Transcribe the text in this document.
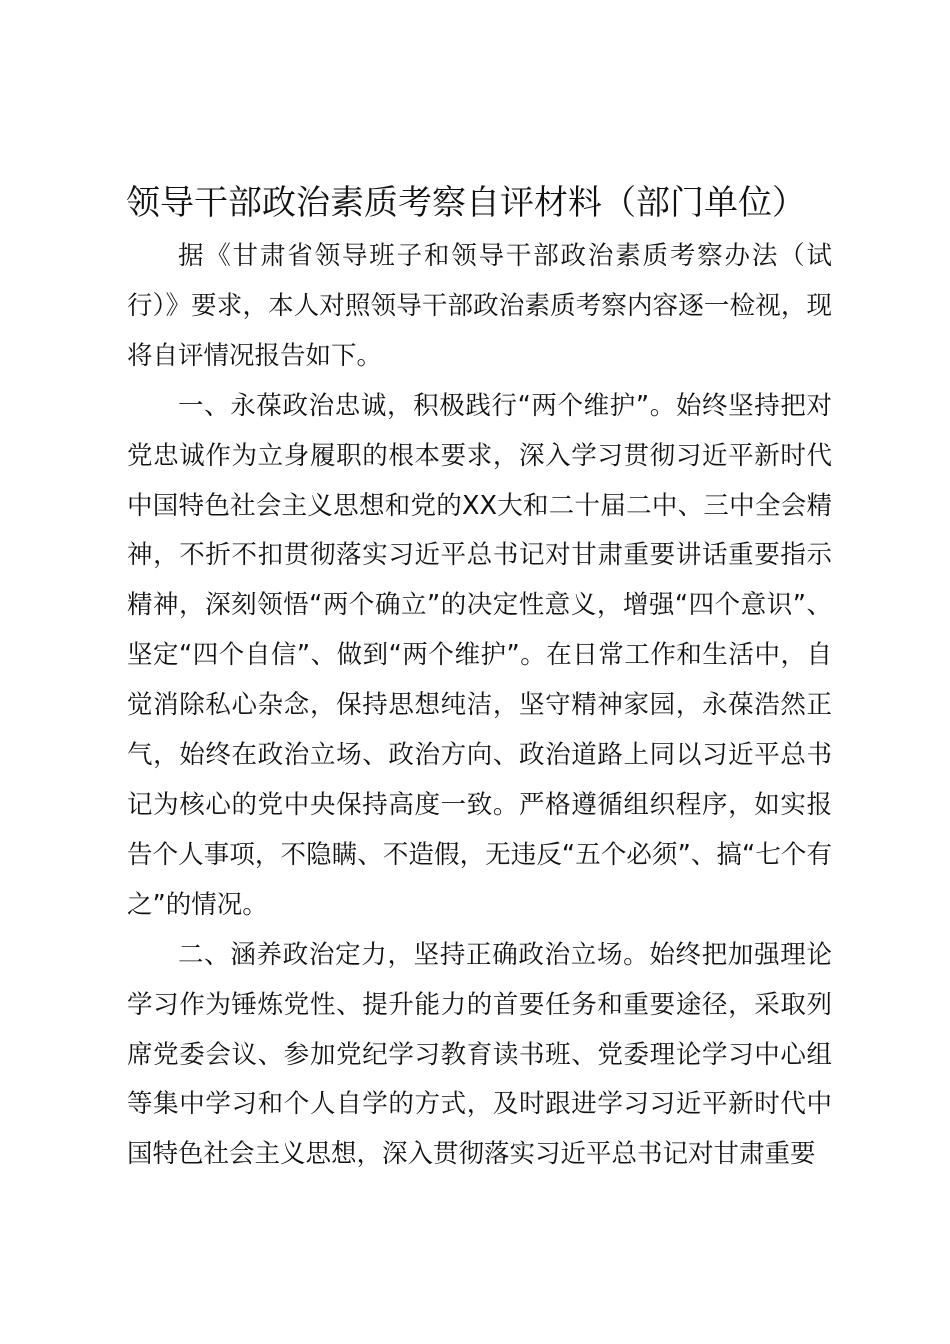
领导干部政治素质考察自评材料（部门单位）

据《甘肃省领导班子和领导干部政治素质考察办法（试行）》要求，本人对照领导干部政治素质考察内容逐一检视，现将自评情况报告如下。

一、永葆政治忠诚，积极践行“两个维护”。始终坚持把对党忠诚作为立身履职的根本要求，深入学习贯彻习近平新时代中国特色社会主义思想和党的XX大和二十届二中、三中全会精神，不折不扣贯彻落实习近平总书记对甘肃重要讲话重要指示精神，深刻领悟“两个确立”的决定性意义，增强“四个意识”、坚定“四个自信”、做到“两个维护”。在日常工作和生活中，自觉消除私心杂念，保持思想纯洁，坚守精神家园，永葆浩然正气，始终在政治立场、政治方向、政治道路上同以习近平总书记为核心的党中央保持高度一致。严格遵循组织程序，如实报告个人事项，不隐瞒、不造假，无违反“五个必须”、搞“七个有之”的情况。

二、涵养政治定力，坚持正确政治立场。始终把加强理论学习作为锤炼党性、提升能力的首要任务和重要途径，采取列席党委会议、参加党纪学习教育读书班、党委理论学习中心组等集中学习和个人自学的方式，及时跟进学习习近平新时代中国特色社会主义思想，深入贯彻落实习近平总书记对甘肃重要
